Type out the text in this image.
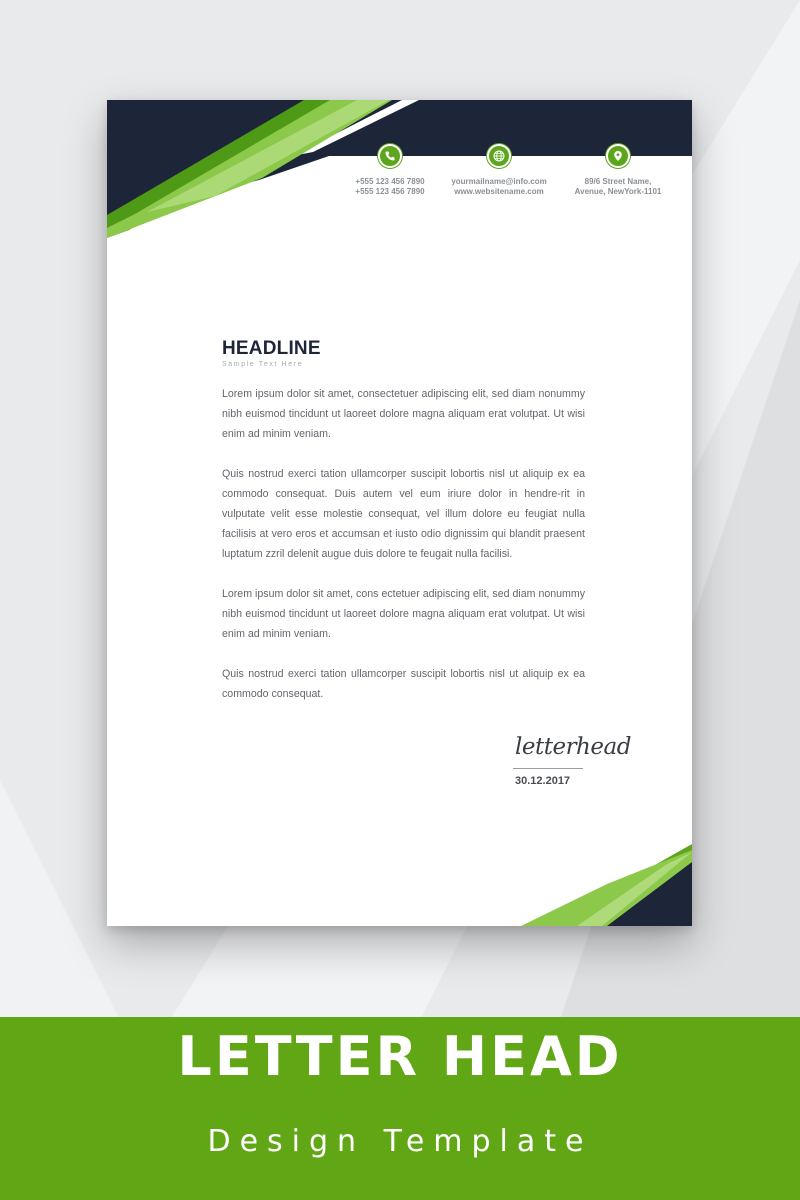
+555 123 456 7890
+555 123 456 7890
yourmailname@info.com
www.websitename.com
89/6 Street Name,
Avenue, NewYork-1101
HEADLINE
Sample Text Here
Lorem ipsum dolor sit amet, consectetuer adipiscing elit, sed diam nonummy nibh euismod tincidunt ut laoreet dolore magna aliquam erat volutpat. Ut wisi enim ad minim veniam.
Quis nostrud exerci tation ullamcorper suscipit lobortis nisl ut aliquip ex ea commodo consequat. Duis autem vel eum iriure dolor in hendre-rit in vulputate velit esse molestie consequat, vel illum dolore eu feugiat nulla facilisis at vero eros et accumsan et iusto odio dignissim qui blandit praesent luptatum zzril delenit augue duis dolore te feugait nulla facilisi.
Lorem ipsum dolor sit amet, cons ectetuer adipiscing elit, sed diam nonummy nibh euismod tincidunt ut laoreet dolore magna aliquam erat volutpat. Ut wisi enim ad minim veniam.
Quis nostrud exerci tation ullamcorper suscipit lobortis nisl ut aliquip ex ea commodo consequat.
letterhead
30.12.2017
LETTER HEAD
Design Template
